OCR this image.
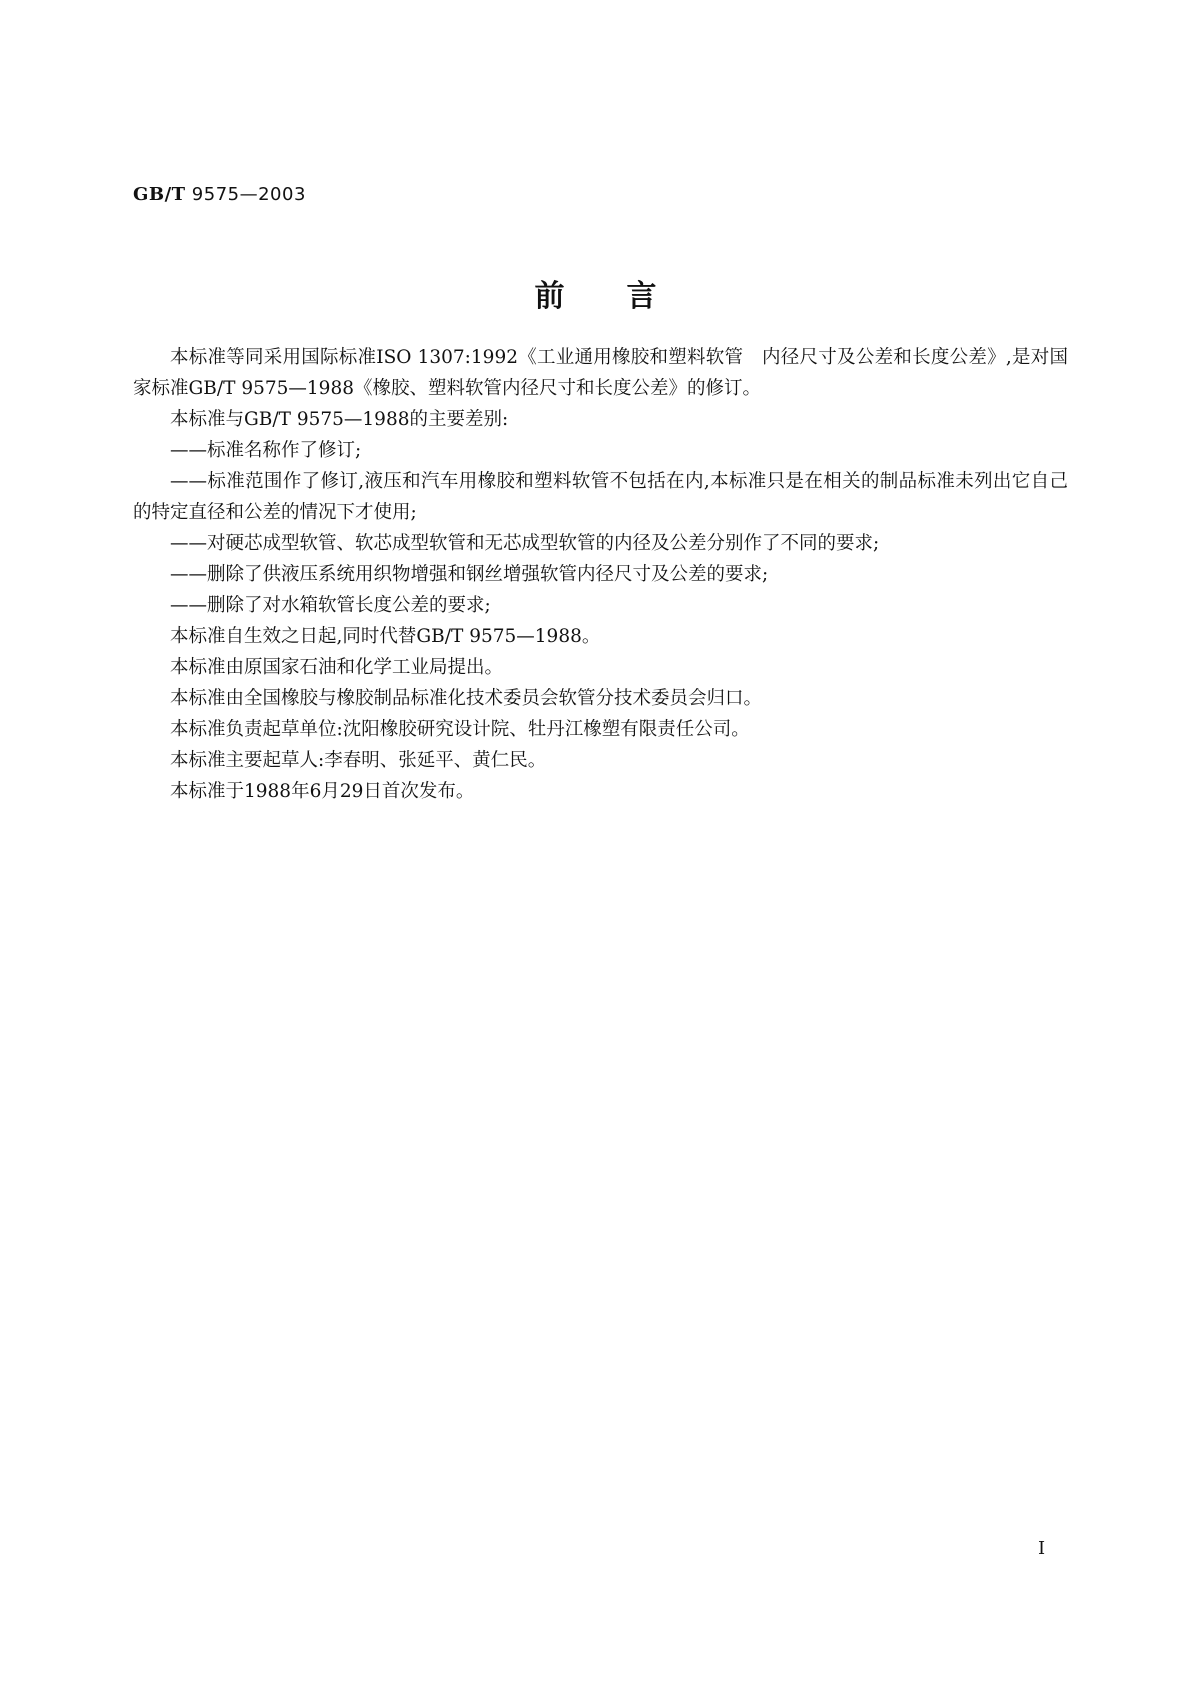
GB/T 9575—2003
前言

本标准等同采用国际标准ISO 1307:1992《工业通用橡胶和塑料软管　内径尺寸及公差和长度公差》,是对国家标准GB/T 9575—1988《橡胶、塑料软管内径尺寸和长度公差》的修订。

本标准与GB/T 9575—1988的主要差别:

——标准名称作了修订;

——标准范围作了修订,液压和汽车用橡胶和塑料软管不包括在内,本标准只是在相关的制品标准未列出它自己的特定直径和公差的情况下才使用;

——对硬芯成型软管、软芯成型软管和无芯成型软管的内径及公差分别作了不同的要求;

——删除了供液压系统用织物增强和钢丝增强软管内径尺寸及公差的要求;

——删除了对水箱软管长度公差的要求;

本标准自生效之日起,同时代替GB/T 9575—1988。

本标准由原国家石油和化学工业局提出。

本标准由全国橡胶与橡胶制品标准化技术委员会软管分技术委员会归口。

本标准负责起草单位:沈阳橡胶研究设计院、牡丹江橡塑有限责任公司。

本标准主要起草人:李春明、张延平、黄仁民。

本标准于1988年6月29日首次发布。

I
